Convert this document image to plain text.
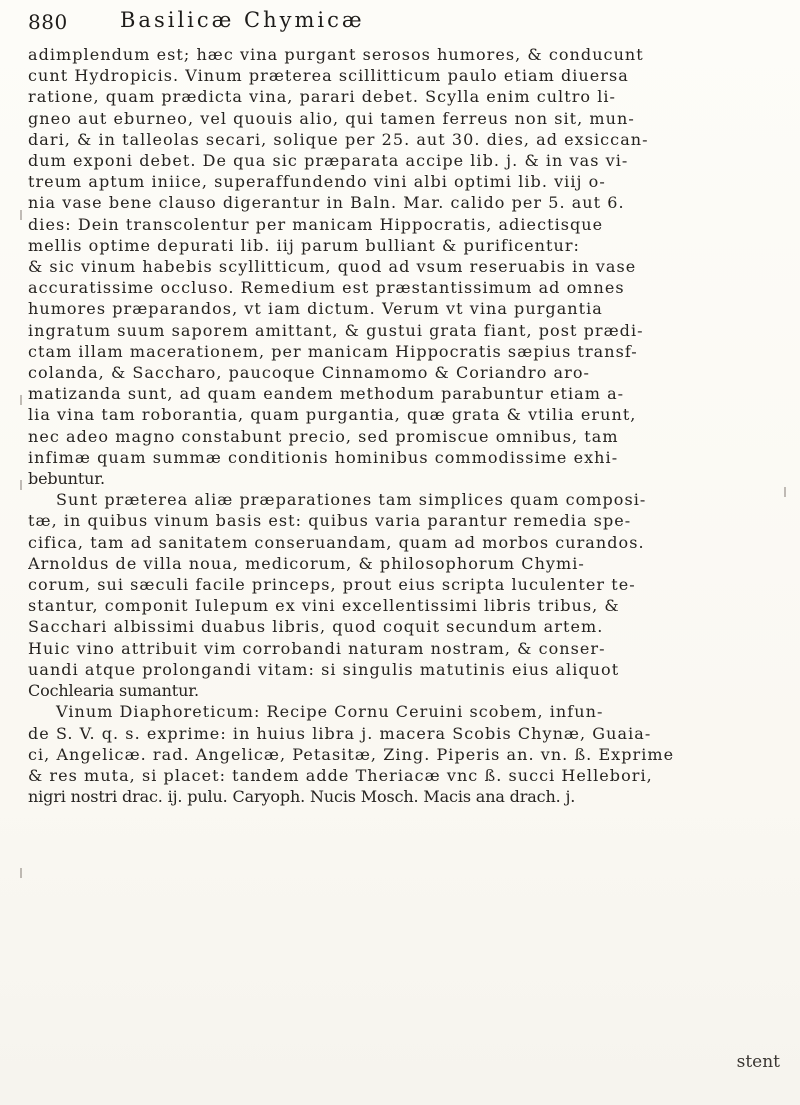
880 Basilicæ Chymicæ
adimplendum est; hæc vina purgant serosos humores, & conducunt
cunt Hydropicis. Vinum præterea scillitticum paulo etiam diuersa
ratione, quam prædicta vina, parari debet. Scylla enim cultro li-
gneo aut eburneo, vel quouis alio, qui tamen ferreus non sit, mun-
dari, & in talleolas secari, solique per 25. aut 30. dies, ad exsiccan-
dum exponi debet. De qua sic præparata accipe lib. j. & in vas vi-
treum aptum iniice, superaffundendo vini albi optimi lib. viij o-
nia vase bene clauso digerantur in Baln. Mar. calido per 5. aut 6.
dies: Dein transcolentur per manicam Hippocratis, adiectisque
mellis optime depurati lib. iij parum bulliant & purificentur:
& sic vinum habebis scyllitticum, quod ad vsum reseruabis in vase
accuratissime occluso. Remedium est præstantissimum ad omnes
humores præparandos, vt iam dictum. Verum vt vina purgantia
ingratum suum saporem amittant, & gustui grata fiant, post prædi-
ctam illam macerationem, per manicam Hippocratis sæpius transf-
colanda, & Saccharo, paucoque Cinnamomo & Coriandro aro-
matizanda sunt, ad quam eandem methodum parabuntur etiam a-
lia vina tam roborantia, quam purgantia, quæ grata & vtilia erunt,
nec adeo magno constabunt precio, sed promiscue omnibus, tam
infimæ quam summæ conditionis hominibus commodissime exhi-
bebuntur.
Sunt præterea aliæ præparationes tam simplices quam composi-
tæ, in quibus vinum basis est: quibus varia parantur remedia spe-
cifica, tam ad sanitatem conseruandam, quam ad morbos curandos.
Arnoldus de villa noua, medicorum, & philosophorum Chymi-
corum, sui sæculi facile princeps, prout eius scripta luculenter te-
stantur, componit Iulepum ex vini excellentissimi libris tribus, &
Sacchari albissimi duabus libris, quod coquit secundum artem.
Huic vino attribuit vim corrobandi naturam nostram, & conser-
uandi atque prolongandi vitam: si singulis matutinis eius aliquot
Cochlearia sumantur.
Vinum Diaphoreticum: Recipe Cornu Ceruini scobem, infun-
de S. V. q. s. exprime: in huius libra j. macera Scobis Chynæ, Guaia-
ci, Angelicæ. rad. Angelicæ, Petasitæ, Zing. Piperis an. vn. ß. Exprime
& res muta, si placet: tandem adde Theriacæ vnc ß. succi Hellebori,
nigri nostri drac. ij. pulu. Caryoph. Nucis Mosch. Macis ana drach. j.
stent
